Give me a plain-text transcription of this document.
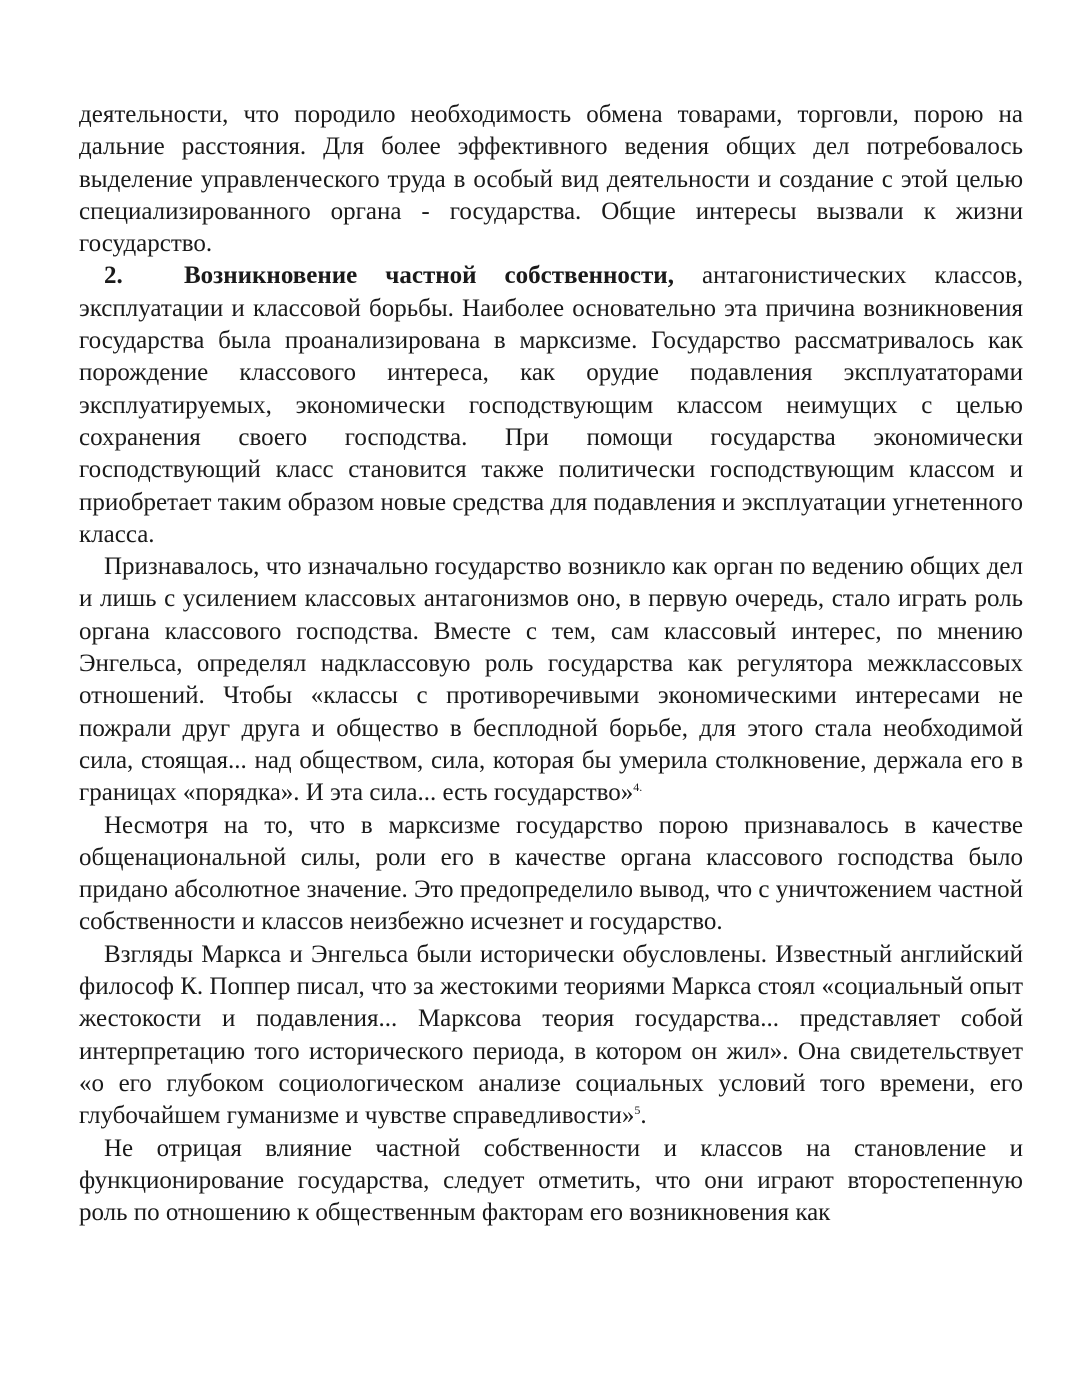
деятельности, что породило необходимость обмена товарами, торговли, порою на дальние расстояния. Для более эффективного ведения общих дел потребовалось выделение управленческого труда в особый вид деятельности и создание с этой целью специализированного органа - государства. Общие интересы вызвали к жизни государство.

2. Возникновение частной собственности, антагонистических классов, эксплуатации и классовой борьбы. Наиболее основательно эта причина возникновения государства была проанализирована в марксизме. Государство рассматривалось как порождение классового интереса, как орудие подавления эксплуататорами эксплуатируемых, экономически господствующим классом неимущих с целью сохранения своего господства. При помощи государства экономически господствующий класс становится также политически господствующим классом и приобретает таким образом новые средства для подавления и эксплуатации угнетенного класса.

Признавалось, что изначально государство возникло как орган по ведению общих дел и лишь с усилением классовых антагонизмов оно, в первую очередь, стало играть роль органа классового господства. Вместе с тем, сам классовый интерес, по мнению Энгельса, определял надклассовую роль государства как регулятора межклассовых отношений. Чтобы «классы с противоречивыми экономическими интересами не пожрали друг друга и общество в бесплодной борьбе, для этого стала необходимой сила, стоящая... над обществом, сила, которая бы умерила столкновение, держала его в границах «порядка». И эта сила... есть государство»$^{4.}$

Несмотря на то, что в марксизме государство порою признавалось в качестве общенациональной силы, роли его в качестве органа классового господства было придано абсолютное значение. Это предопределило вывод, что с уничтожением частной собственности и классов неизбежно исчезнет и государство.

Взгляды Маркса и Энгельса были исторически обусловлены. Известный английский философ К. Поппер писал, что за жестокими теориями Маркса стоял «социальный опыт жестокости и подавления... Марксова теория государства... представляет собой интерпретацию того исторического периода, в котором он жил». Она свидетельствует «о его глубоком социологическом анализе социальных условий того времени, его глубочайшем гуманизме и чувстве справедливости»$^5$.

Не отрицая влияние частной собственности и классов на становление и функционирование государства, следует отметить, что они играют второстепенную роль по отношению к общественным факторам его возникновения как
